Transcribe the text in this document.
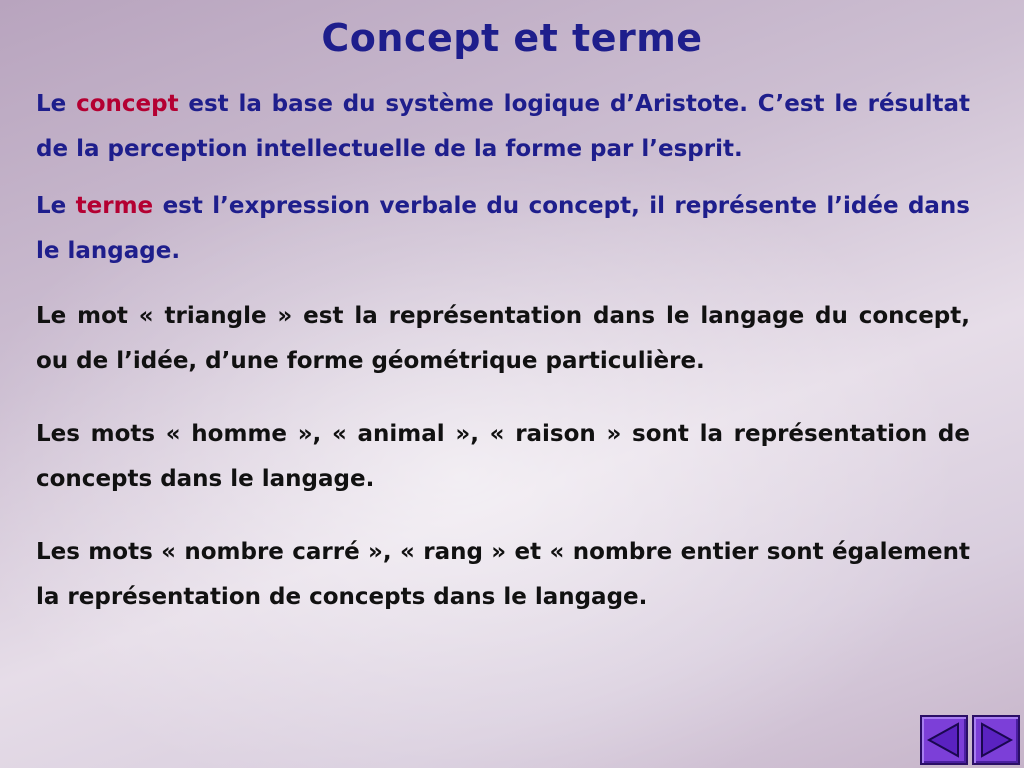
Concept et terme

Le concept est la base du système logique d’Aristote. C’est le résultat de la perception intellectuelle de la forme par l’esprit.

Le terme est l’expression verbale du concept, il représente l’idée dans le langage.

Le mot « triangle » est la représentation dans le langage du concept, ou de l’idée, d’une forme géométrique particulière.

Les mots « homme », « animal », « raison » sont la représentation de concepts dans le langage.

Les mots « nombre carré », « rang » et « nombre entier sont également la représentation de concepts dans le langage.
